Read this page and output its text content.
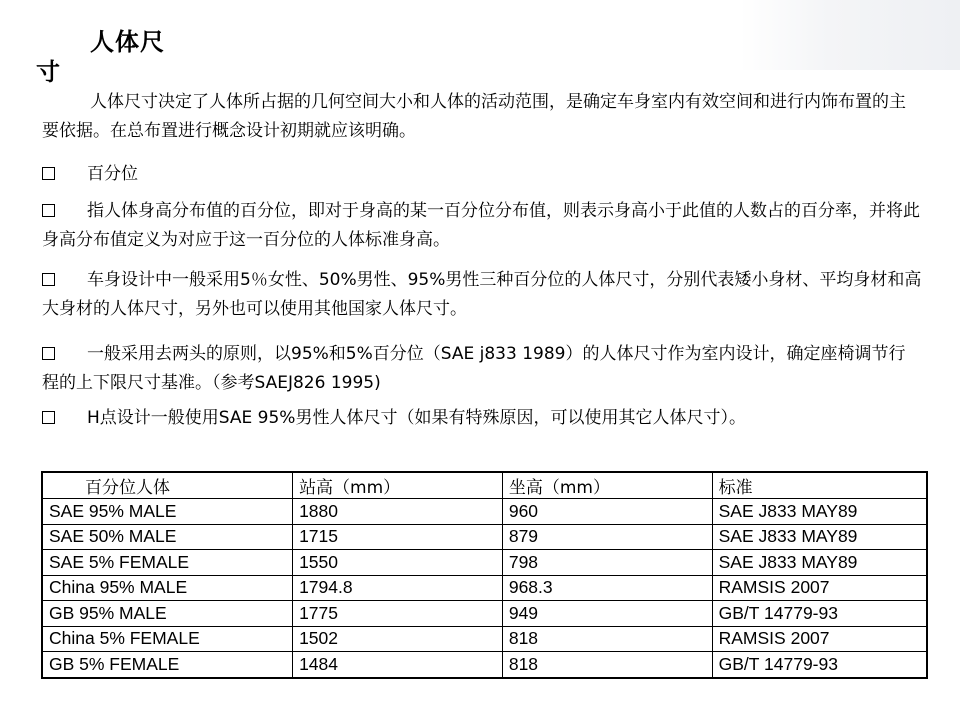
人体尺
寸
人体尺寸决定了人体所占据的几何空间大小和人体的活动范围，是确定车身室内有效空间和进行内饰布置的主要依据。在总布置进行概念设计初期就应该明确。
百分位
指人体身高分布值的百分位，即对于身高的某一百分位分布值，则表示身高小于此值的人数占的百分率，并将此身高分布值定义为对应于这一百分位的人体标准身高。
车身设计中一般采用5％女性、50%男性、95%男性三种百分位的人体尺寸，分别代表矮小身材、平均身材和高大身材的人体尺寸，另外也可以使用其他国家人体尺寸。
一般采用去两头的原则，以95%和5%百分位（SAE j833 1989）的人体尺寸作为室内设计，确定座椅调节行程的上下限尺寸基准。（参考SAEJ826 1995)
H点设计一般使用SAE 95%男性人体尺寸（如果有特殊原因，可以使用其它人体尺寸）。
百分位人体	站高（mm）	坐高（mm）	标准
SAE 95% MALE	1880	960	SAE J833 MAY89
SAE 50% MALE	1715	879	SAE J833 MAY89
SAE 5% FEMALE	1550	798	SAE J833 MAY89
China 95% MALE	1794.8	968.3	RAMSIS 2007
GB 95% MALE	1775	949	GB/T 14779-93
China 5% FEMALE	1502	818	RAMSIS 2007
GB 5% FEMALE	1484	818	GB/T 14779-93
